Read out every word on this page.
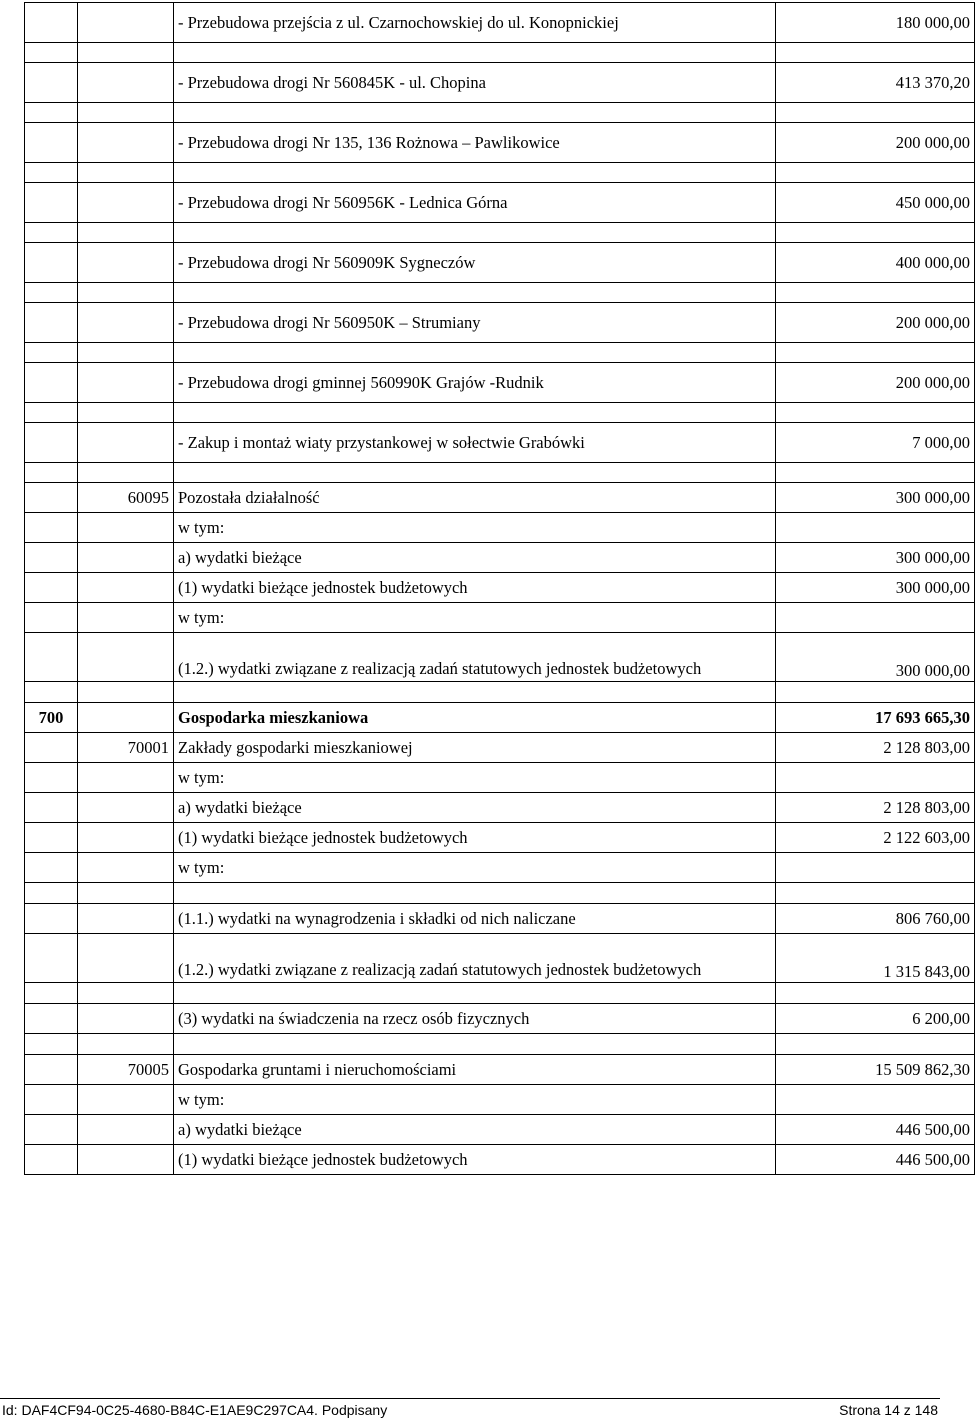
		- Przebudowa przejścia z ul. Czarnochowskiej do ul. Konopnickiej	180 000,00

		- Przebudowa drogi Nr 560845K - ul. Chopina	413 370,20

		- Przebudowa drogi Nr 135, 136 Rożnowa – Pawlikowice	200 000,00

		- Przebudowa drogi Nr 560956K - Lednica Górna	450 000,00

		- Przebudowa drogi Nr 560909K Sygneczów	400 000,00

		- Przebudowa drogi Nr 560950K – Strumiany	200 000,00

		- Przebudowa drogi gminnej 560990K Grajów -Rudnik	200 000,00

		- Zakup i montaż wiaty przystankowej w sołectwie Grabówki	7 000,00

	60095	Pozostała działalność	300 000,00
		w tym:	
		a) wydatki bieżące	300 000,00
		(1) wydatki bieżące jednostek budżetowych	300 000,00
		w tym:	
		(1.2.) wydatki związane z realizacją zadań statutowych jednostek budżetowych	300 000,00

700		Gospodarka mieszkaniowa	17 693 665,30
	70001	Zakłady gospodarki mieszkaniowej	2 128 803,00
		w tym:	
		a) wydatki bieżące	2 128 803,00
		(1) wydatki bieżące jednostek budżetowych	2 122 603,00
		w tym:	

		(1.1.) wydatki na wynagrodzenia i składki od nich naliczane	806 760,00
		(1.2.) wydatki związane z realizacją zadań statutowych jednostek budżetowych	1 315 843,00

		(3) wydatki na świadczenia na rzecz osób fizycznych	6 200,00

	70005	Gospodarka gruntami i nieruchomościami	15 509 862,30
		w tym:	
		a) wydatki bieżące	446 500,00
		(1) wydatki bieżące jednostek budżetowych	446 500,00
Id: DAF4CF94-0C25-4680-B84C-E1AE9C297CA4. Podpisany	Strona 14 z 148
